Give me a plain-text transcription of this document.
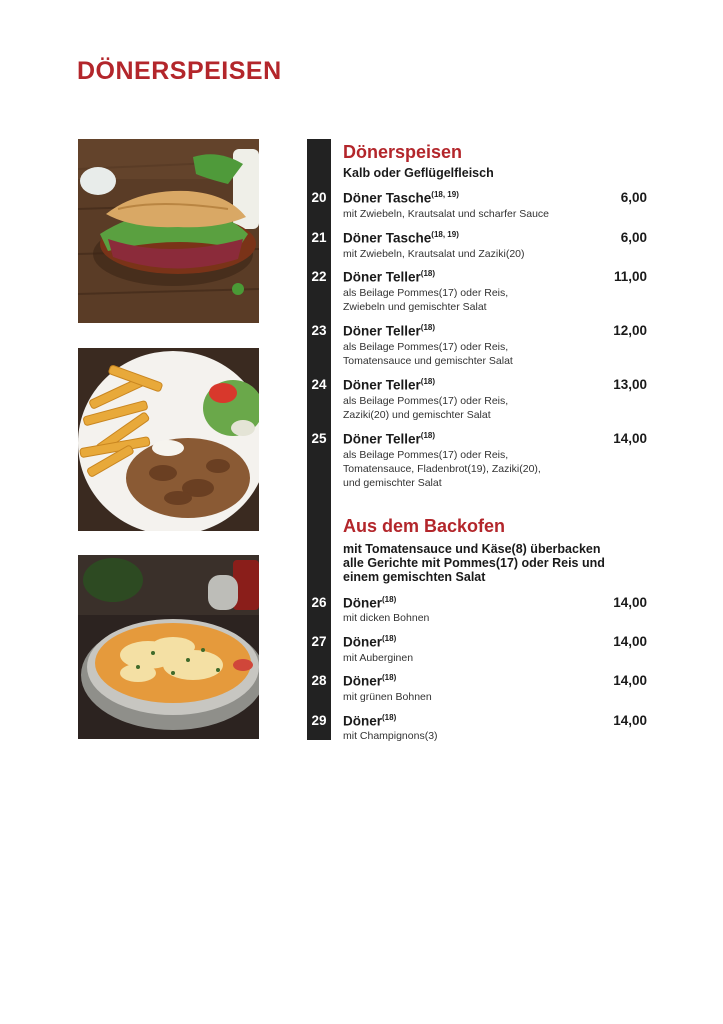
DÖNERSPEISEN
Dönerspeisen
Kalb oder Geflügelfleisch
20	Döner Tasche$^{(18, 19)}$	6,00
mit Zwiebeln, Krautsalat und scharfer Sauce
21	Döner Tasche$^{(18, 19)}$	6,00
mit Zwiebeln, Krautsalat und Zaziki(20)
22	Döner Teller$^{(18)}$	11,00
als Beilage Pommes(17) oder Reis,
Zwiebeln und gemischter Salat
23	Döner Teller$^{(18)}$	12,00
als Beilage Pommes(17) oder Reis,
Tomatensauce und gemischter Salat
24	Döner Teller$^{(18)}$	13,00
als Beilage Pommes(17) oder Reis,
Zaziki(20) und gemischter Salat
25	Döner Teller$^{(18)}$	14,00
als Beilage Pommes(17) oder Reis,
Tomatensauce, Fladenbrot(19), Zaziki(20),
und gemischter Salat
Aus dem Backofen
mit Tomatensauce und Käse(8) überbacken
alle Gerichte mit Pommes(17) oder Reis und
einem gemischten Salat
26	Döner$^{(18)}$	14,00
mit dicken Bohnen
27	Döner$^{(18)}$	14,00
mit Auberginen
28	Döner$^{(18)}$	14,00
mit grünen Bohnen
29	Döner$^{(18)}$	14,00
mit Champignons(3)
